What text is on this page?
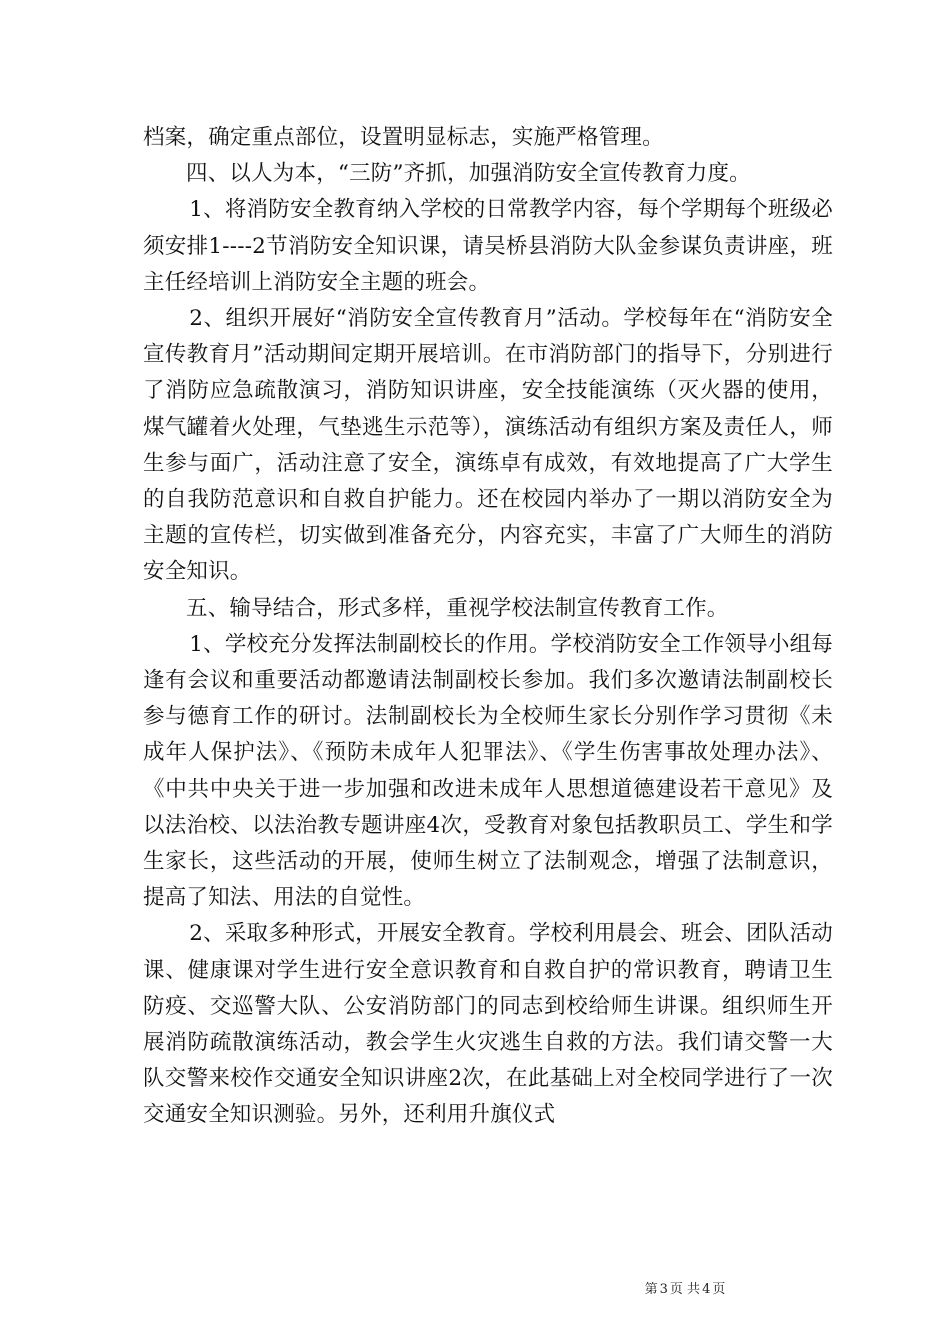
档案，确定重点部位，设置明显标志，实施严格管理。

四、以人为本，“三防”齐抓，加强消防安全宣传教育力度。

1、将消防安全教育纳入学校的日常教学内容，每个学期每个班级必须安排1----2节消防安全知识课，请吴桥县消防大队金参谋负责讲座，班主任经培训上消防安全主题的班会。

2、组织开展好“消防安全宣传教育月”活动。学校每年在“消防安全宣传教育月”活动期间定期开展培训。在市消防部门的指导下，分别进行了消防应急疏散演习，消防知识讲座，安全技能演练（灭火器的使用，煤气罐着火处理，气垫逃生示范等），演练活动有组织方案及责任人，师生参与面广，活动注意了安全，演练卓有成效，有效地提高了广大学生的自我防范意识和自救自护能力。还在校园内举办了一期以消防安全为主题的宣传栏，切实做到准备充分，内容充实，丰富了广大师生的消防安全知识。

五、输导结合，形式多样，重视学校法制宣传教育工作。

1、学校充分发挥法制副校长的作用。学校消防安全工作领导小组每逢有会议和重要活动都邀请法制副校长参加。我们多次邀请法制副校长参与德育工作的研讨。法制副校长为全校师生家长分别作学习贯彻《未成年人保护法》、《预防未成年人犯罪法》、《学生伤害事故处理办法》、《中共中央关于进一步加强和改进未成年人思想道德建设若干意见》及以法治校、以法治教专题讲座4次，受教育对象包括教职员工、学生和学生家长，这些活动的开展，使师生树立了法制观念，增强了法制意识，提高了知法、用法的自觉性。

2、采取多种形式，开展安全教育。学校利用晨会、班会、团队活动课、健康课对学生进行安全意识教育和自救自护的常识教育，聘请卫生防疫、交巡警大队、公安消防部门的同志到校给师生讲课。组织师生开展消防疏散演练活动，教会学生火灾逃生自救的方法。我们请交警一大队交警来校作交通安全知识讲座2次，在此基础上对全校同学进行了一次交通安全知识测验。另外，还利用升旗仪式

第 3 页 共 4 页
